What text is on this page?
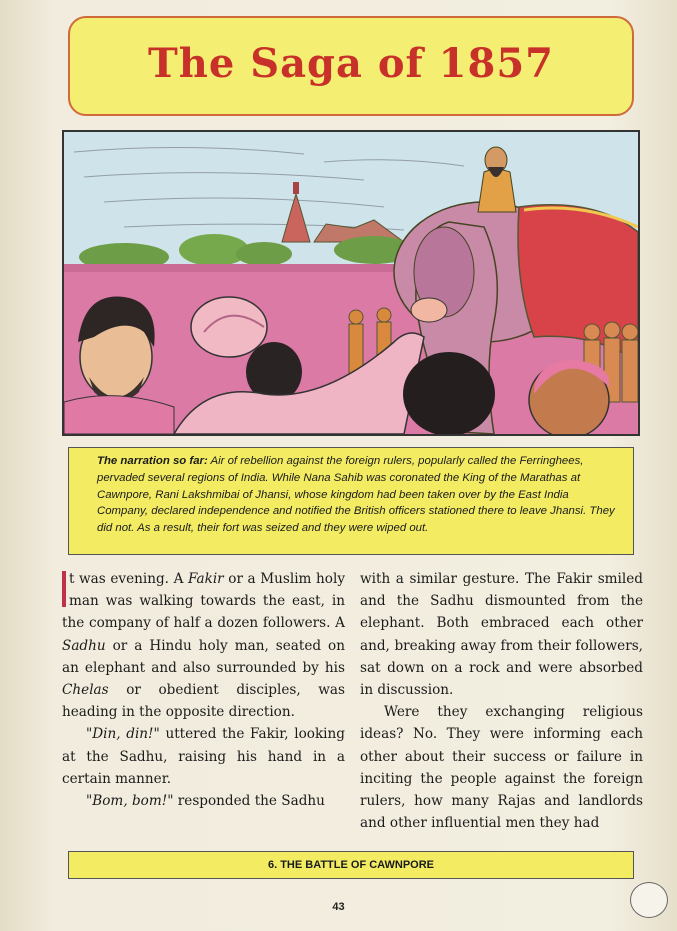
The Saga of 1857
The narration so far: Air of rebellion against the foreign rulers, popularly called the Ferringhees, pervaded several regions of India. While Nana Sahib was coronated the King of the Marathas at Cawnpore, Rani Lakshmibai of Jhansi, whose kingdom had been taken over by the East India Company, declared independence and notified the British officers stationed there to leave Jhansi. They did not. As a result, their fort was seized and they were wiped out.

t was evening. A Fakir or a Muslim holy man was walking towards the east, in the company of half a dozen followers. A Sadhu or a Hindu holy man, seated on an elephant and also surrounded by his Chelas or obedient disciples, was heading in the opposite direction.

"Din, din!" uttered the Fakir, looking at the Sadhu, raising his hand in a certain manner.

"Bom, bom!" responded the Sadhu

with a similar gesture. The Fakir smiled and the Sadhu dismounted from the elephant. Both embraced each other and, breaking away from their followers, sat down on a rock and were absorbed in discussion.

Were they exchanging religious ideas? No. They were informing each other about their success or failure in inciting the people against the foreign rulers, how many Rajas and landlords and other influential men they had

6. THE BATTLE OF CAWNPORE
43
